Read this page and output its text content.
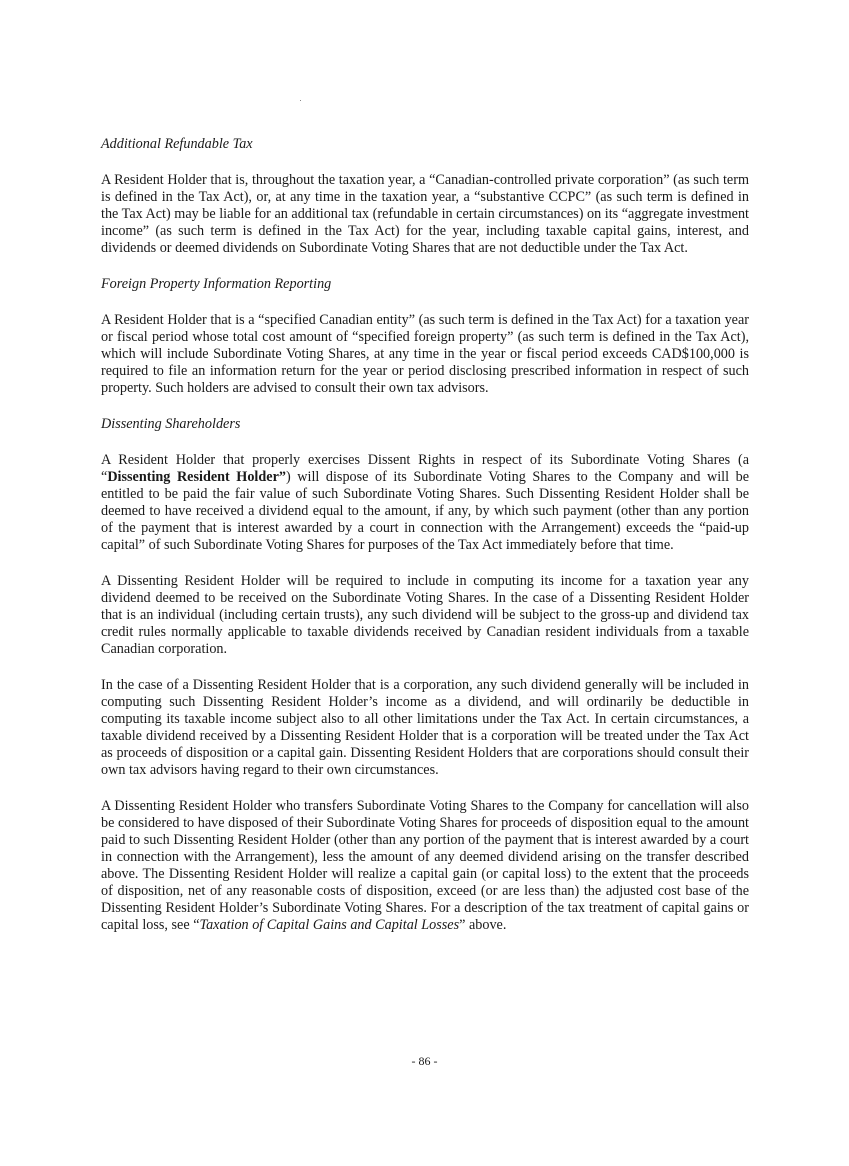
Additional Refundable Tax

A Resident Holder that is, throughout the taxation year, a “Canadian-controlled private corporation” (as such term is defined in the Tax Act), or, at any time in the taxation year, a “substantive CCPC” (as such term is defined in the Tax Act) may be liable for an additional tax (refundable in certain circumstances) on its “aggregate investment income” (as such term is defined in the Tax Act) for the year, including taxable capital gains, interest, and dividends or deemed dividends on Subordinate Voting Shares that are not deductible under the Tax Act.

Foreign Property Information Reporting

A Resident Holder that is a “specified Canadian entity” (as such term is defined in the Tax Act) for a taxation year or fiscal period whose total cost amount of “specified foreign property” (as such term is defined in the Tax Act), which will include Subordinate Voting Shares, at any time in the year or fiscal period exceeds CAD$100,000 is required to file an information return for the year or period disclosing prescribed information in respect of such property. Such holders are advised to consult their own tax advisors.

Dissenting Shareholders

A Resident Holder that properly exercises Dissent Rights in respect of its Subordinate Voting Shares (a “Dissenting Resident Holder”) will dispose of its Subordinate Voting Shares to the Company and will be entitled to be paid the fair value of such Subordinate Voting Shares. Such Dissenting Resident Holder shall be deemed to have received a dividend equal to the amount, if any, by which such payment (other than any portion of the payment that is interest awarded by a court in connection with the Arrangement) exceeds the “paid-up capital” of such Subordinate Voting Shares for purposes of the Tax Act immediately before that time.

A Dissenting Resident Holder will be required to include in computing its income for a taxation year any dividend deemed to be received on the Subordinate Voting Shares. In the case of a Dissenting Resident Holder that is an individual (including certain trusts), any such dividend will be subject to the gross-up and dividend tax credit rules normally applicable to taxable dividends received by Canadian resident individuals from a taxable Canadian corporation.

In the case of a Dissenting Resident Holder that is a corporation, any such dividend generally will be included in computing such Dissenting Resident Holder’s income as a dividend, and will ordinarily be deductible in computing its taxable income subject also to all other limitations under the Tax Act. In certain circumstances, a taxable dividend received by a Dissenting Resident Holder that is a corporation will be treated under the Tax Act as proceeds of disposition or a capital gain. Dissenting Resident Holders that are corporations should consult their own tax advisors having regard to their own circumstances.

A Dissenting Resident Holder who transfers Subordinate Voting Shares to the Company for cancellation will also be considered to have disposed of their Subordinate Voting Shares for proceeds of disposition equal to the amount paid to such Dissenting Resident Holder (other than any portion of the payment that is interest awarded by a court in connection with the Arrangement), less the amount of any deemed dividend arising on the transfer described above. The Dissenting Resident Holder will realize a capital gain (or capital loss) to the extent that the proceeds of disposition, net of any reasonable costs of disposition, exceed (or are less than) the adjusted cost base of the Dissenting Resident Holder’s Subordinate Voting Shares. For a description of the tax treatment of capital gains or capital loss, see “Taxation of Capital Gains and Capital Losses” above.

- 86 -
